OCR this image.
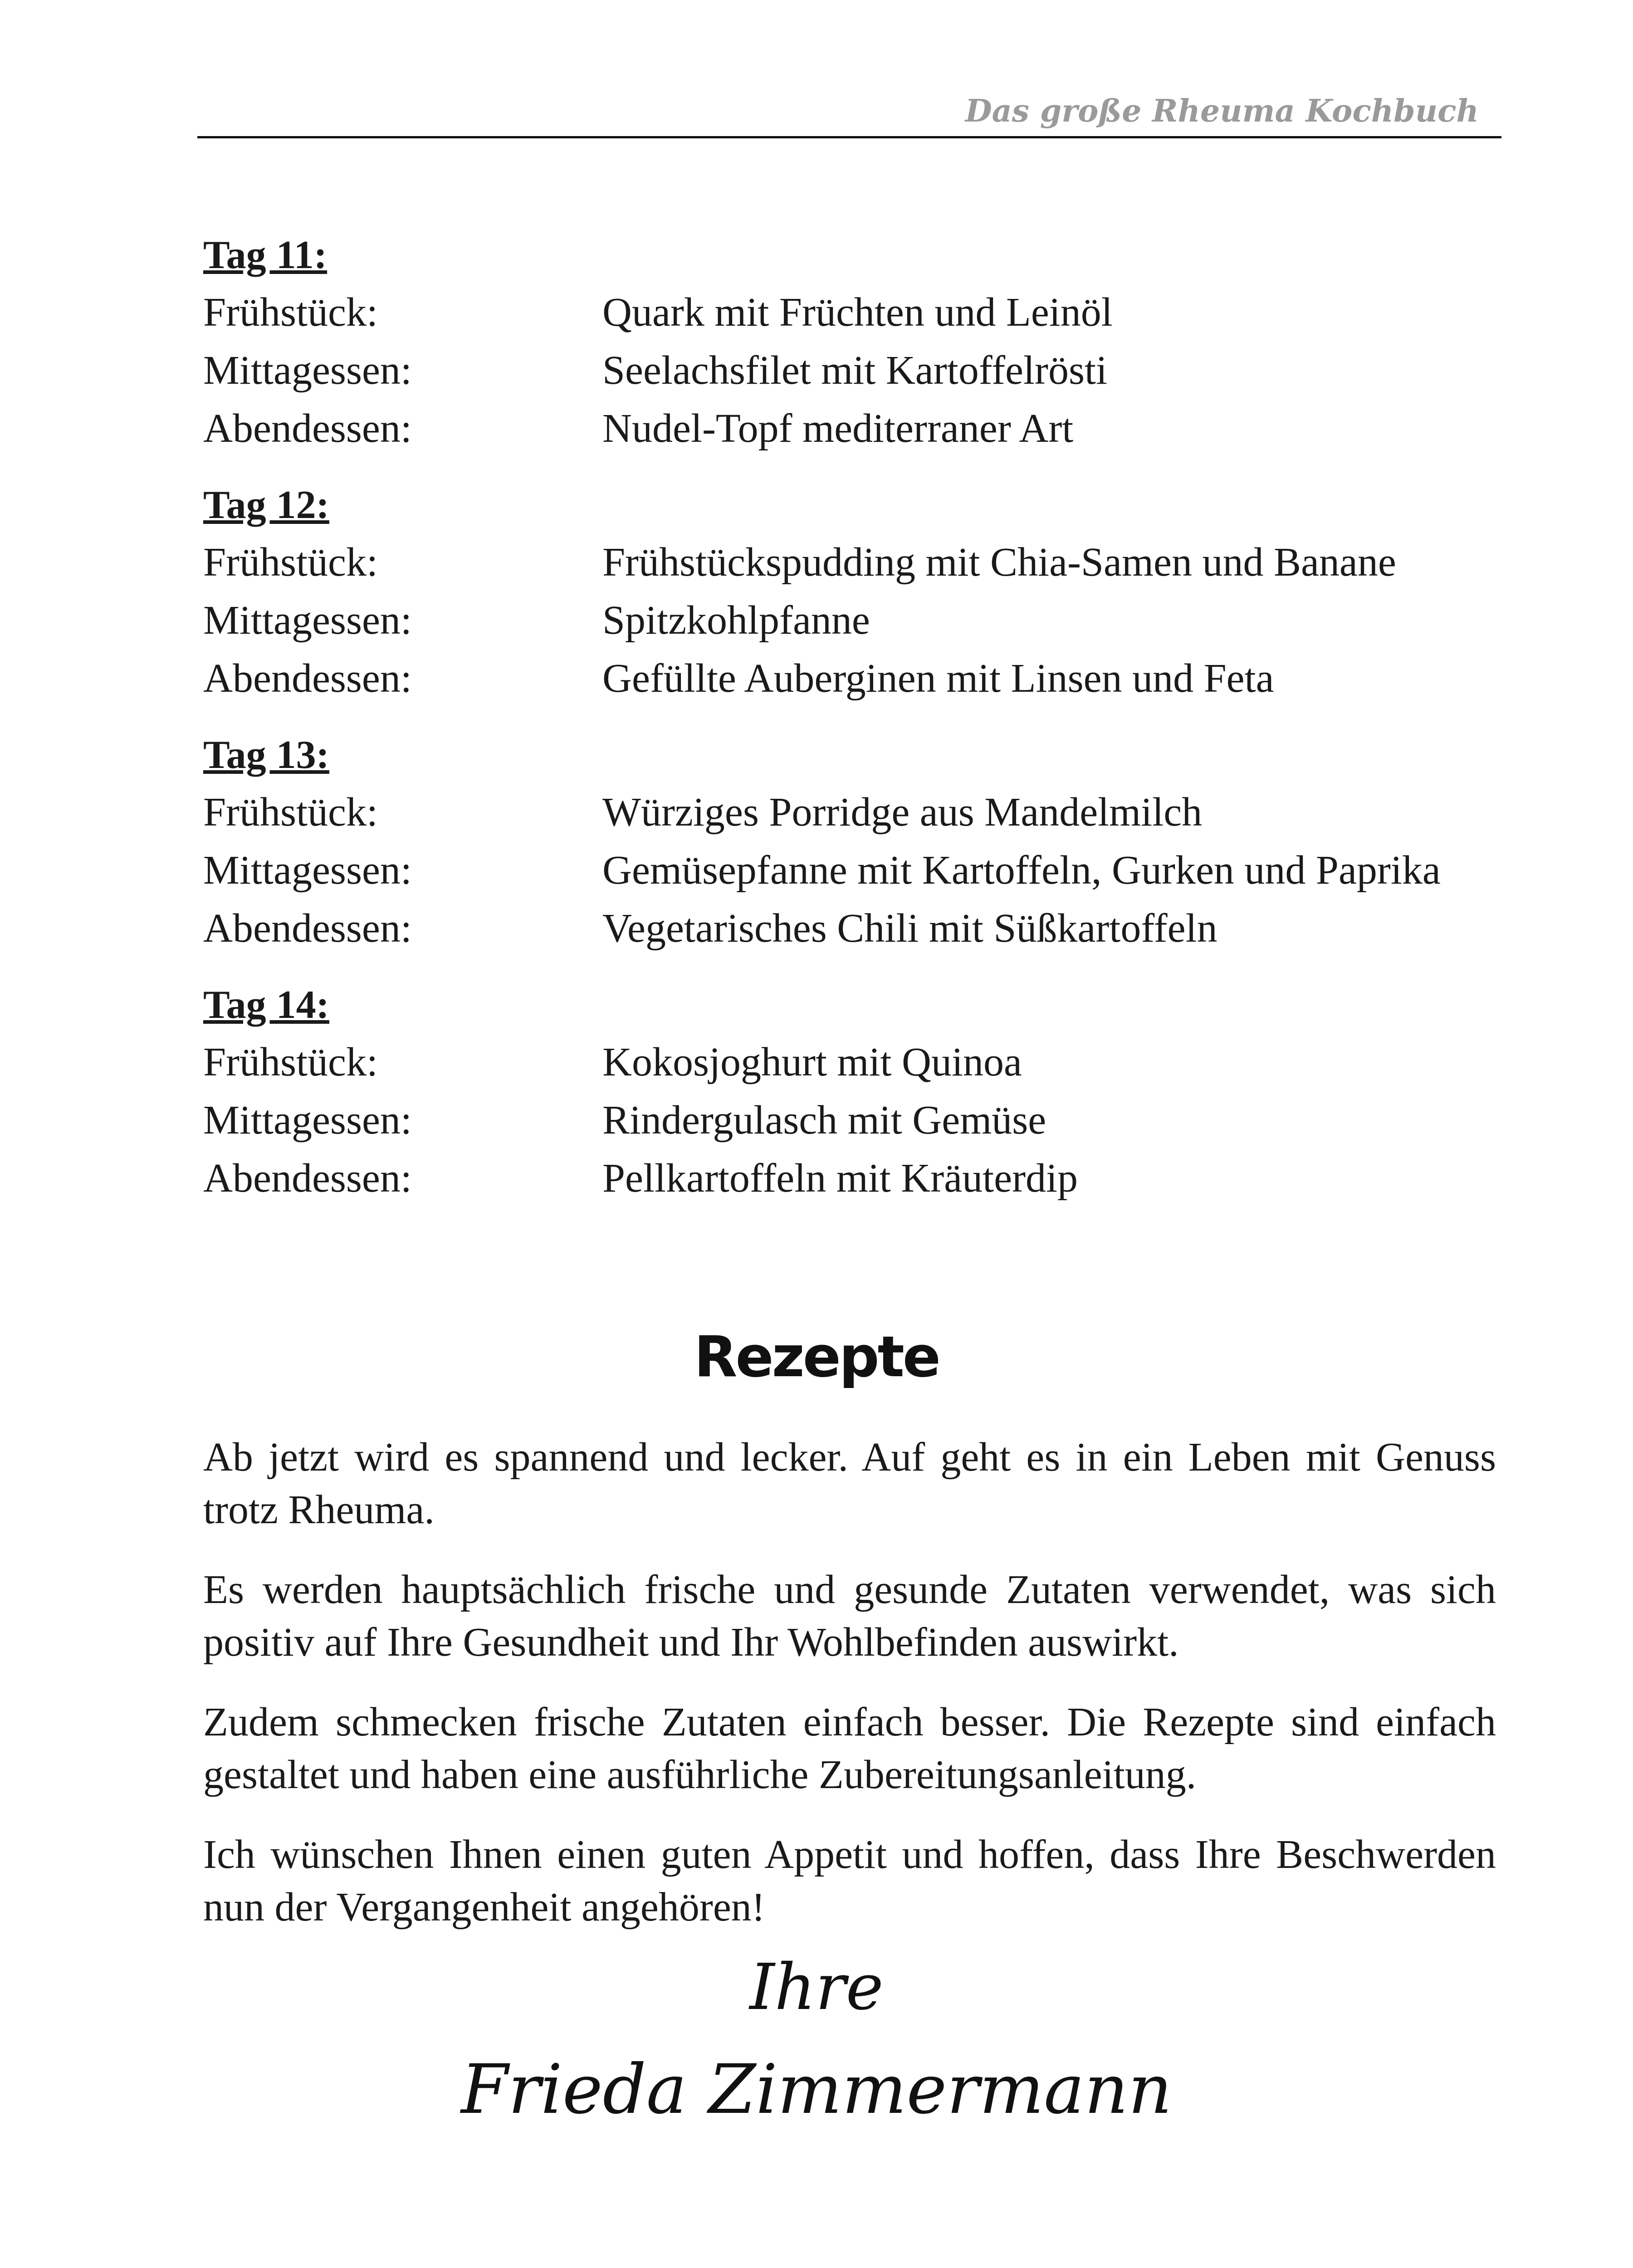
Das große Rheuma Kochbuch
Tag 11:
Frühstück:	Quark mit Früchten und Leinöl
Mittagessen:	Seelachsfilet mit Kartoffelrösti
Abendessen:	Nudel-Topf mediterraner Art
Tag 12:
Frühstück:	Frühstückspudding mit Chia-Samen und Banane
Mittagessen:	Spitzkohlpfanne
Abendessen:	Gefüllte Auberginen mit Linsen und Feta
Tag 13:
Frühstück:	Würziges Porridge aus Mandelmilch
Mittagessen:	Gemüsepfanne mit Kartoffeln, Gurken und Paprika
Abendessen:	Vegetarisches Chili mit Süßkartoffeln
Tag 14:
Frühstück:	Kokosjoghurt mit Quinoa
Mittagessen:	Rindergulasch mit Gemüse
Abendessen:	Pellkartoffeln mit Kräuterdip
Rezepte

Ab jetzt wird es spannend und lecker. Auf geht es in ein Leben mit Genuss trotz Rheuma.

Es werden hauptsächlich frische und gesunde Zutaten verwendet, was sich positiv auf Ihre Gesundheit und Ihr Wohlbefinden auswirkt.

Zudem schmecken frische Zutaten einfach besser. Die Rezepte sind einfach gestaltet und haben eine ausführliche Zubereitungsanleitung.

Ich wünschen Ihnen einen guten Appetit und hoffen, dass Ihre Beschwerden nun der Vergangenheit angehören!

Ihre
Frieda Zimmermann
